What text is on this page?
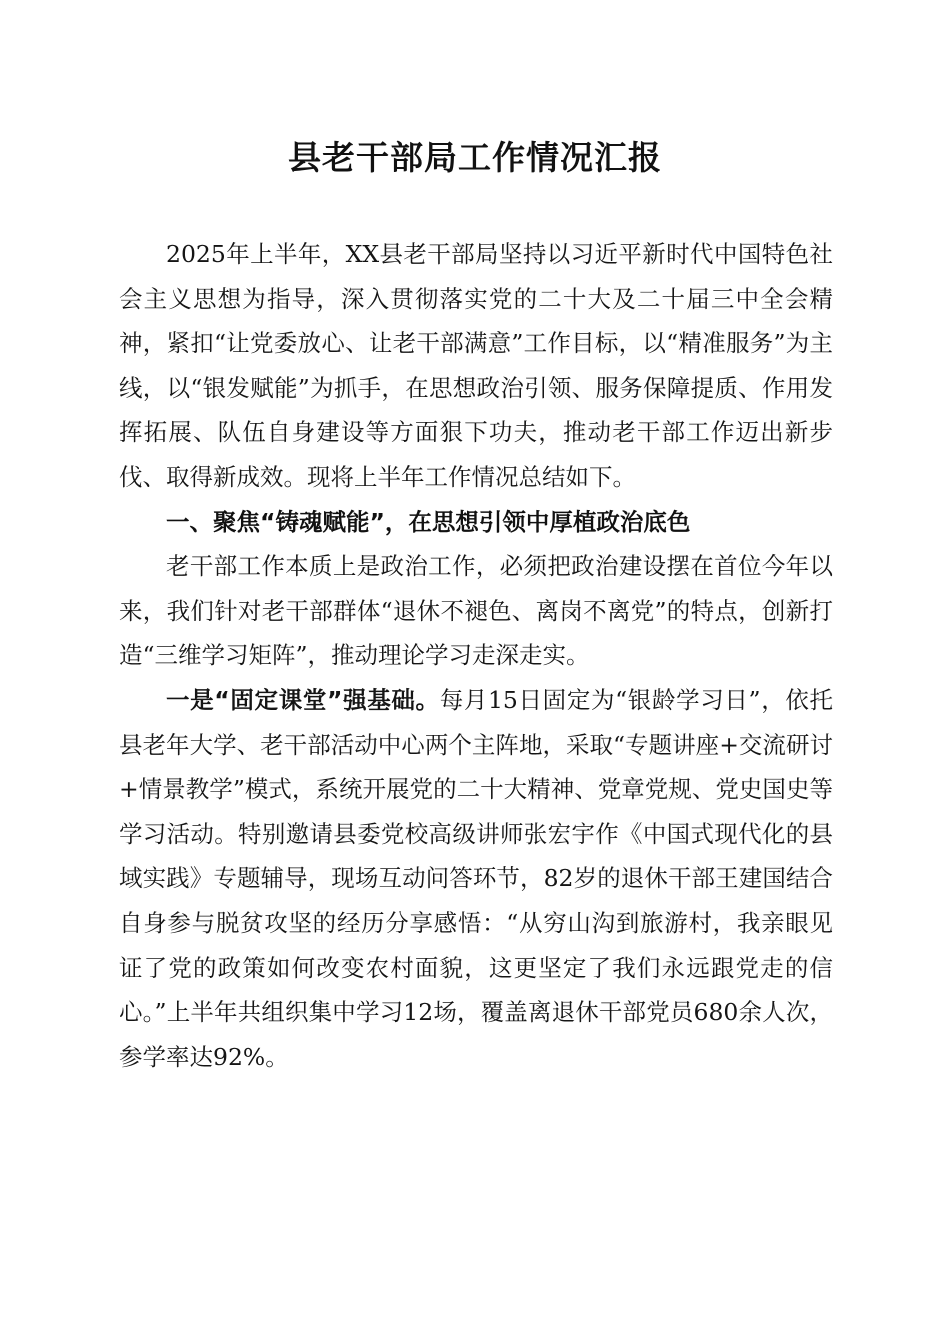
县老干部局工作情况汇报

2025年上半年，XX县老干部局坚持以习近平新时代中国特色社会主义思想为指导，深入贯彻落实党的二十大及二十届三中全会精神，紧扣“让党委放心、让老干部满意”工作目标，以“精准服务”为主线，以“银发赋能”为抓手，在思想政治引领、服务保障提质、作用发挥拓展、队伍自身建设等方面狠下功夫，推动老干部工作迈出新步伐、取得新成效。现将上半年工作情况总结如下。

一、聚焦“铸魂赋能”，在思想引领中厚植政治底色

老干部工作本质上是政治工作，必须把政治建设摆在首位今年以来，我们针对老干部群体“退休不褪色、离岗不离党”的特点，创新打造“三维学习矩阵”，推动理论学习走深走实。

一是“固定课堂”强基础。每月15日固定为“银龄学习日”，依托县老年大学、老干部活动中心两个主阵地，采取“专题讲座+交流研讨+情景教学”模式，系统开展党的二十大精神、党章党规、党史国史等学习活动。特别邀请县委党校高级讲师张宏宇作《中国式现代化的县域实践》专题辅导，现场互动问答环节，82岁的退休干部王建国结合自身参与脱贫攻坚的经历分享感悟：“从穷山沟到旅游村，我亲眼见证了党的政策如何改变农村面貌，这更坚定了我们永远跟党走的信心。”上半年共组织集中学习12场，覆盖离退休干部党员680余人次，参学率达92%。
